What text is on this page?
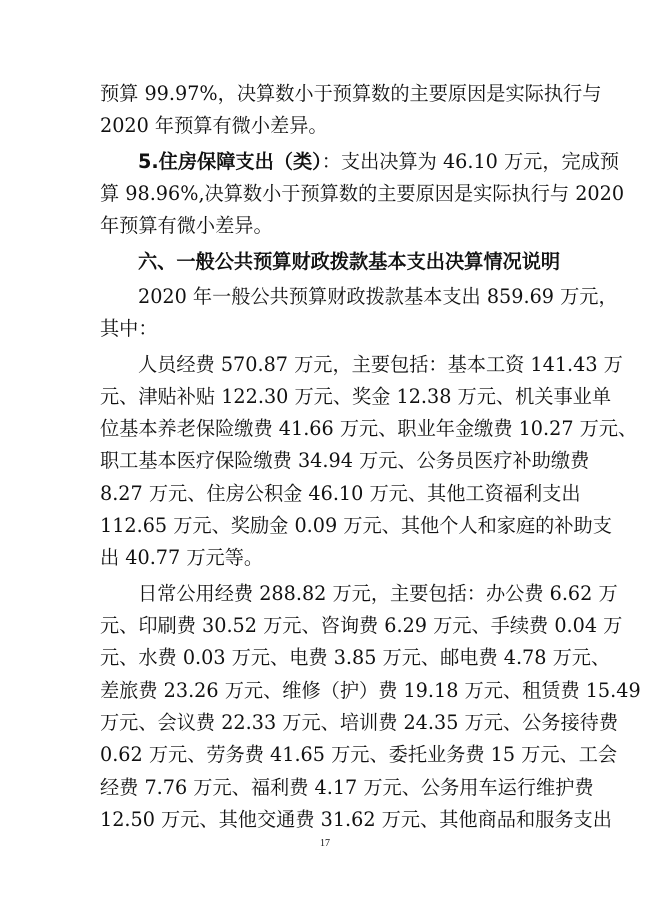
预算 99.97%，决算数小于预算数的主要原因是实际执行与
2020 年预算有微小差异。
5.住房保障支出（类）：支出决算为 46.10 万元，完成预
算 98.96%,决算数小于预算数的主要原因是实际执行与 2020
年预算有微小差异。
六、一般公共预算财政拨款基本支出决算情况说明
2020 年一般公共预算财政拨款基本支出 859.69 万元，
其中：
人员经费 570.87 万元，主要包括：基本工资 141.43 万
元、津贴补贴 122.30 万元、奖金 12.38 万元、机关事业单
位基本养老保险缴费 41.66 万元、职业年金缴费 10.27 万元、
职工基本医疗保险缴费 34.94 万元、公务员医疗补助缴费
8.27 万元、住房公积金 46.10 万元、其他工资福利支出
112.65 万元、奖励金 0.09 万元、其他个人和家庭的补助支
出 40.77 万元等。
日常公用经费 288.82 万元，主要包括：办公费 6.62 万
元、印刷费 30.52 万元、咨询费 6.29 万元、手续费 0.04 万
元、水费 0.03 万元、电费 3.85 万元、邮电费 4.78 万元、
差旅费 23.26 万元、维修（护）费 19.18 万元、租赁费 15.49
万元、会议费 22.33 万元、培训费 24.35 万元、公务接待费
0.62 万元、劳务费 41.65 万元、委托业务费 15 万元、工会
经费 7.76 万元、福利费 4.17 万元、公务用车运行维护费
12.50 万元、其他交通费 31.62 万元、其他商品和服务支出
17
